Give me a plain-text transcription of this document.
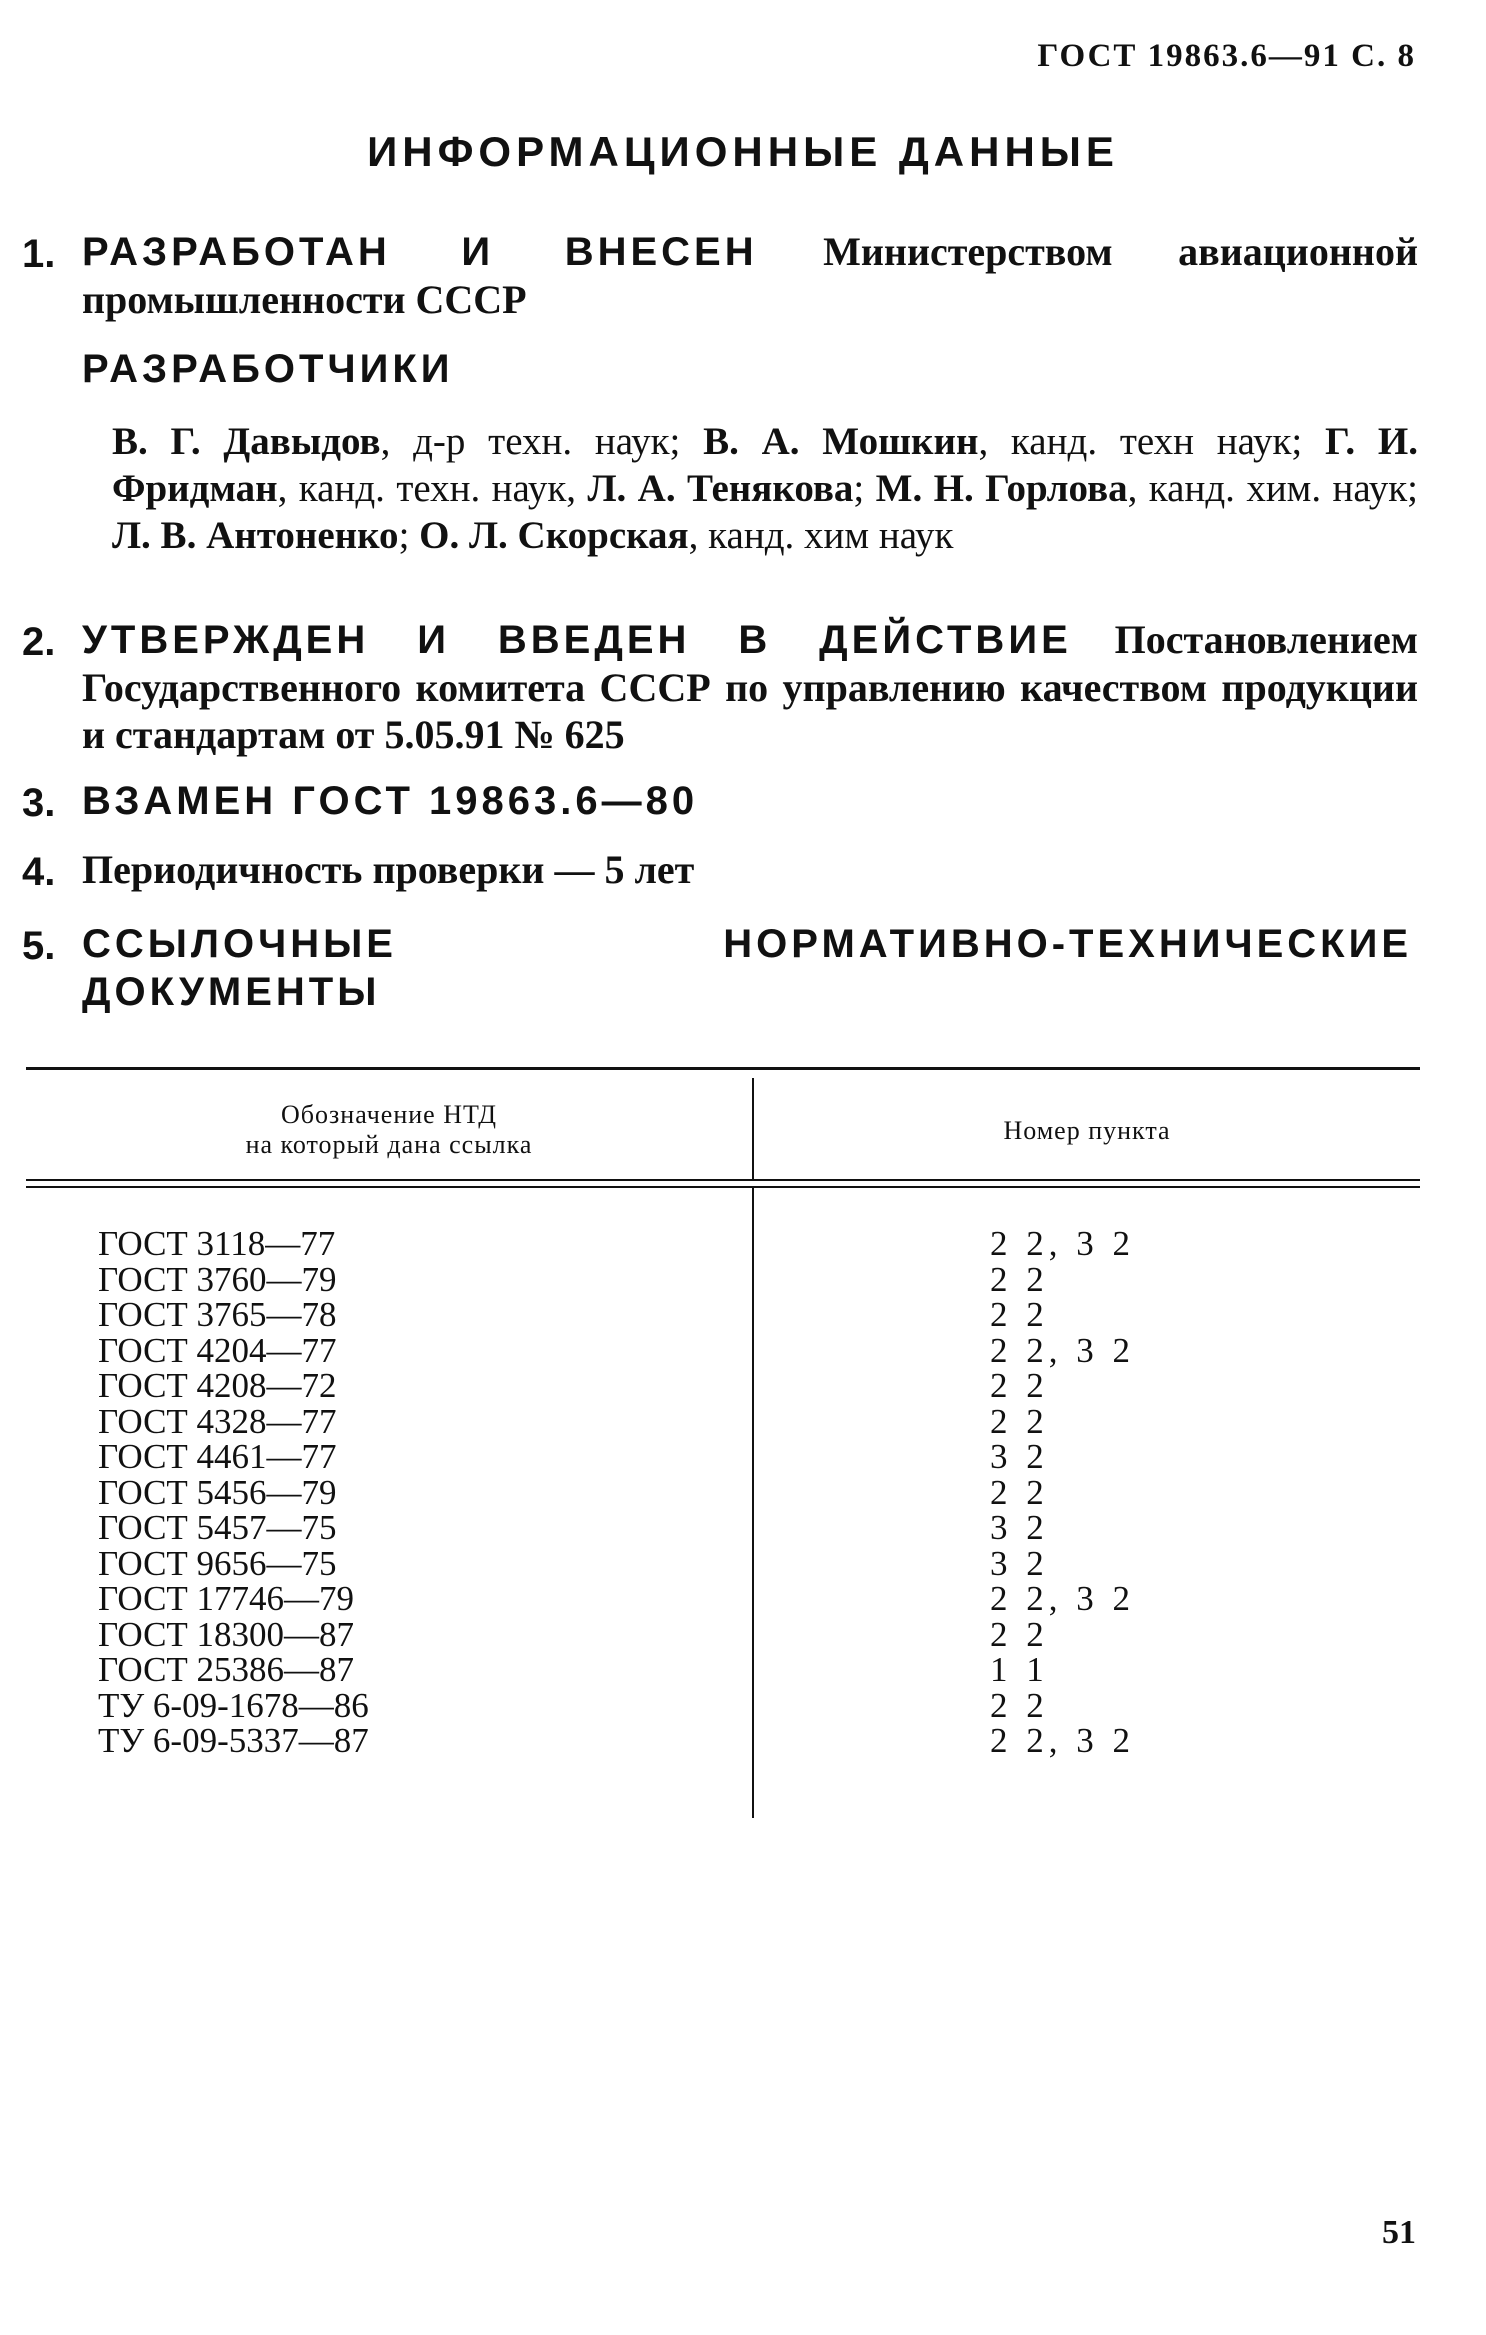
ГОСТ 19863.6—91 С. 8
ИНФОРМАЦИОННЫЕ ДАННЫЕ
1. РАЗРАБОТАН И ВНЕСЕН Министерством авиационной промышленности СССР
РАЗРАБОТЧИКИ
В. Г. Давыдов, д-р техн. наук; В. А. Мошкин, канд. техн наук; Г. И. Фридман, канд. техн. наук, Л. А. Тенякова; М. Н. Горлова, канд. хим. наук; Л. В. Антоненко; О. Л. Скорская, канд. хим наук
2. УТВЕРЖДЕН И ВВЕДЕН В ДЕЙСТВИЕ Постановлением Государственного комитета СССР по управлению качеством продукции и стандартам от 5.05.91 № 625
3. ВЗАМЕН ГОСТ 19863.6—80
4. Периодичность проверки — 5 лет
5. ССЫЛОЧНЫЕ НОРМАТИВНО-ТЕХНИЧЕСКИЕ ДОКУМЕНТЫ
Обозначение НТД
на который дана ссылка	Номер пункта
ГОСТ 3118—77
ГОСТ 3760—79
ГОСТ 3765—78
ГОСТ 4204—77
ГОСТ 4208—72
ГОСТ 4328—77
ГОСТ 4461—77
ГОСТ 5456—79
ГОСТ 5457—75
ГОСТ 9656—75
ГОСТ 17746—79
ГОСТ 18300—87
ГОСТ 25386—87
ТУ 6-09-1678—86
ТУ 6-09-5337—87
2 2, 3 2
2 2
2 2
2 2, 3 2
2 2
2 2
3 2
2 2
3 2
3 2
2 2, 3 2
2 2
1 1
2 2
2 2, 3 2
51
